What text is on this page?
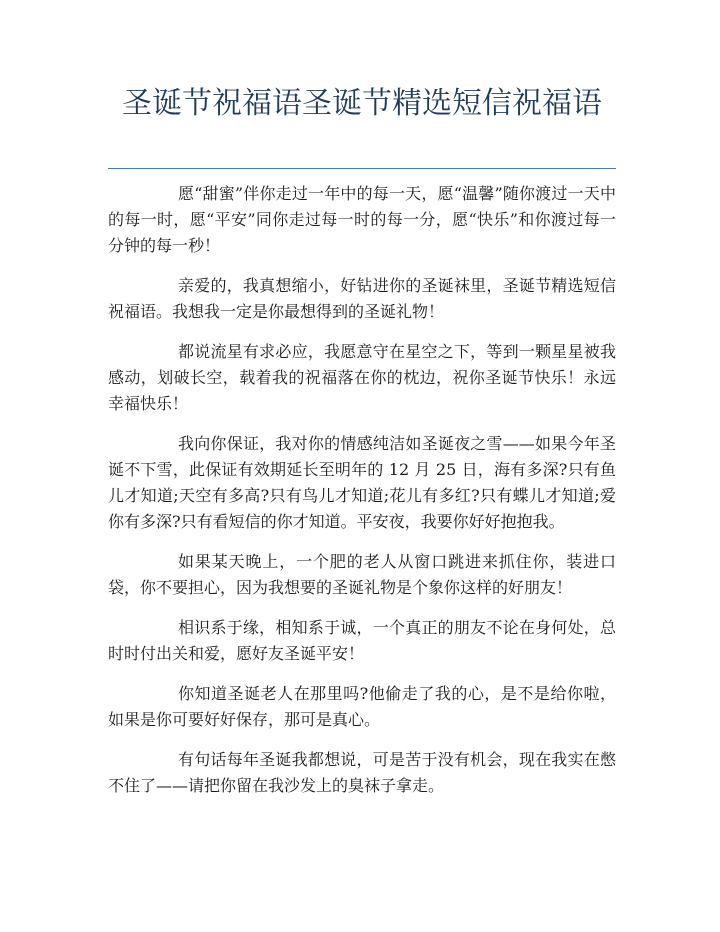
圣诞节祝福语圣诞节精选短信祝福语

愿“甜蜜”伴你走过一年中的每一天，愿“温馨”随你渡过一天中的每一时，愿“平安”同你走过每一时的每一分，愿“快乐”和你渡过每一分钟的每一秒！

亲爱的，我真想缩小，好钻进你的圣诞袜里，圣诞节精选短信祝福语。我想我一定是你最想得到的圣诞礼物！

都说流星有求必应，我愿意守在星空之下，等到一颗星星被我感动，划破长空，载着我的祝福落在你的枕边，祝你圣诞节快乐！永远幸福快乐！

我向你保证，我对你的情感纯洁如圣诞夜之雪——如果今年圣诞不下雪，此保证有效期延长至明年的 12 月 25 日，海有多深?只有鱼儿才知道;天空有多高?只有鸟儿才知道;花儿有多红?只有蝶儿才知道;爱你有多深?只有看短信的你才知道。平安夜，我要你好好抱抱我。

如果某天晚上，一个肥的老人从窗口跳进来抓住你，装进口袋，你不要担心，因为我想要的圣诞礼物是个象你这样的好朋友！

相识系于缘，相知系于诚，一个真正的朋友不论在身何处，总时时付出关和爱，愿好友圣诞平安！

你知道圣诞老人在那里吗?他偷走了我的心，是不是给你啦，如果是你可要好好保存，那可是真心。

有句话每年圣诞我都想说，可是苦于没有机会，现在我实在憋不住了——请把你留在我沙发上的臭袜子拿走。
